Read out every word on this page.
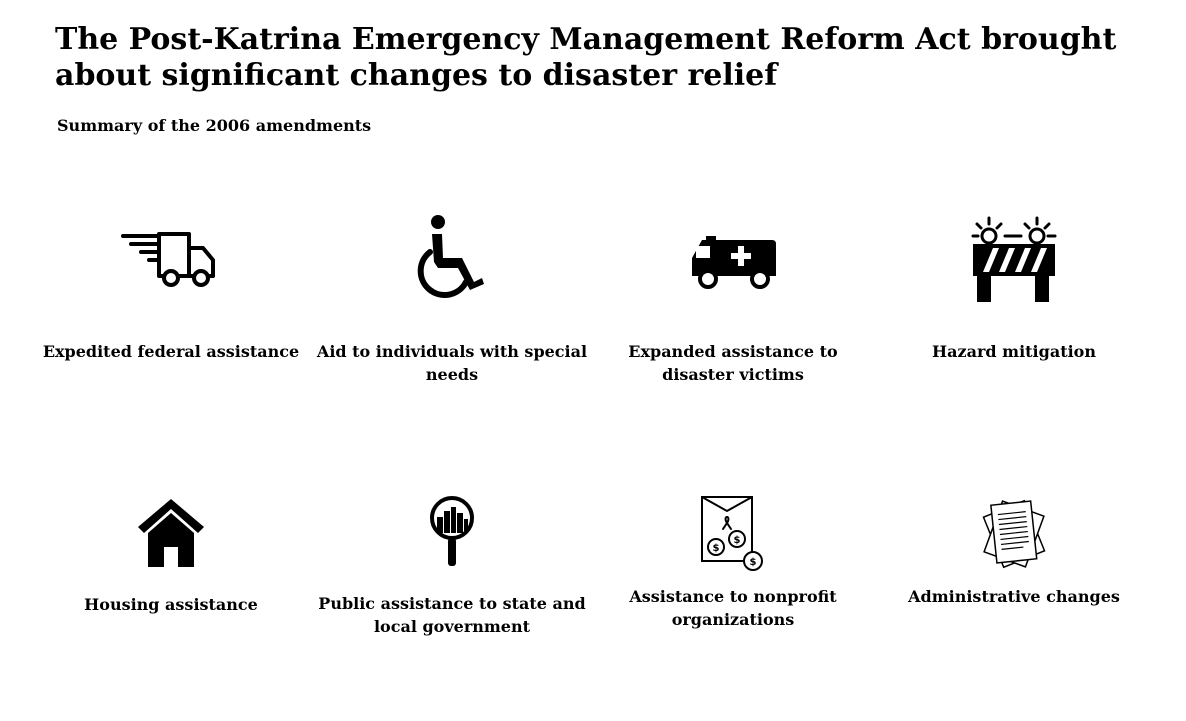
The Post-Katrina Emergency Management Reform Act brought about significant changes to disaster relief
Summary of the 2006 amendments
Expedited federal assistance	Aid to individuals with special needs
Expanded assistance to disaster victims
Hazard mitigation
Housing assistance	Public assistance to state and local government
$
$
$
Assistance to nonprofit organizations
Administrative changes
